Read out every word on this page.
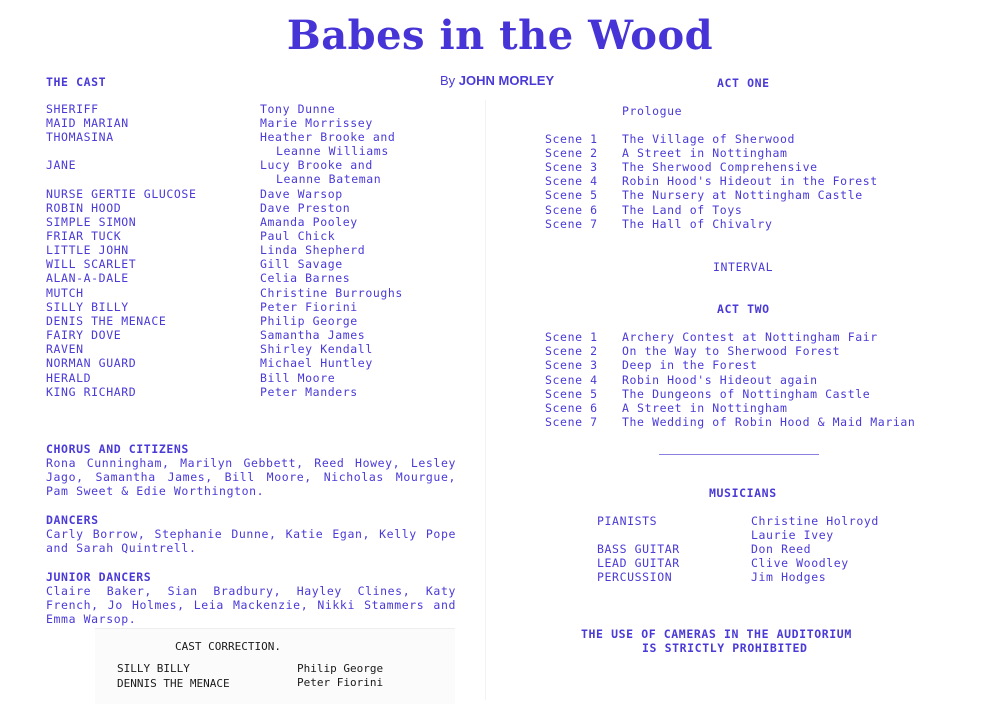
Babes in the Wood
By JOHN MORLEY
THE CAST
SHERIFF	Tony Dunne
MAID MARIAN	Marie Morrissey
THOMASINA	Heather Brooke and
Leanne Williams
JANE	Lucy Brooke and
Leanne Bateman
NURSE GERTIE GLUCOSE	Dave Warsop
ROBIN HOOD	Dave Preston
SIMPLE SIMON	Amanda Pooley
FRIAR TUCK	Paul Chick
LITTLE JOHN	Linda Shepherd
WILL SCARLET	Gill Savage
ALAN-A-DALE	Celia Barnes
MUTCH	Christine Burroughs
SILLY BILLY	Peter Fiorini
DENIS THE MENACE	Philip George
FAIRY DOVE	Samantha James
RAVEN	Shirley Kendall
NORMAN GUARD	Michael Huntley
HERALD	Bill Moore
KING RICHARD	Peter Manders
CHORUS AND CITIZENS
Rona Cunningham, Marilyn Gebbett, Reed Howey, Lesley Jago, Samantha James, Bill Moore, Nicholas Mourgue, Pam Sweet & Edie Worthington.
DANCERS
Carly Borrow, Stephanie Dunne, Katie Egan, Kelly Pope and Sarah Quintrell.
JUNIOR DANCERS
Claire Baker, Sian Bradbury, Hayley Clines, Katy French, Jo Holmes, Leia Mackenzie, Nikki Stammers and Emma Warsop.
CAST CORRECTION.
SILLY BILLY	Philip George
DENNIS THE MENACE	Peter Fiorini
ACT ONE
Prologue
Scene 1 The Village of Sherwood
Scene 2 A Street in Nottingham
Scene 3 The Sherwood Comprehensive
Scene 4 Robin Hood's Hideout in the Forest
Scene 5 The Nursery at Nottingham Castle
Scene 6 The Land of Toys
Scene 7 The Hall of Chivalry
INTERVAL
ACT TWO
Scene 1 Archery Contest at Nottingham Fair
Scene 2 On the Way to Sherwood Forest
Scene 3 Deep in the Forest
Scene 4 Robin Hood's Hideout again
Scene 5 The Dungeons of Nottingham Castle
Scene 6 A Street in Nottingham
Scene 7 The Wedding of Robin Hood & Maid Marian
MUSICIANS
PIANISTS	Christine Holroyd
Laurie Ivey
BASS GUITAR	Don Reed
LEAD GUITAR	Clive Woodley
PERCUSSION	Jim Hodges
THE USE OF CAMERAS IN THE AUDITORIUM
IS STRICTLY PROHIBITED
